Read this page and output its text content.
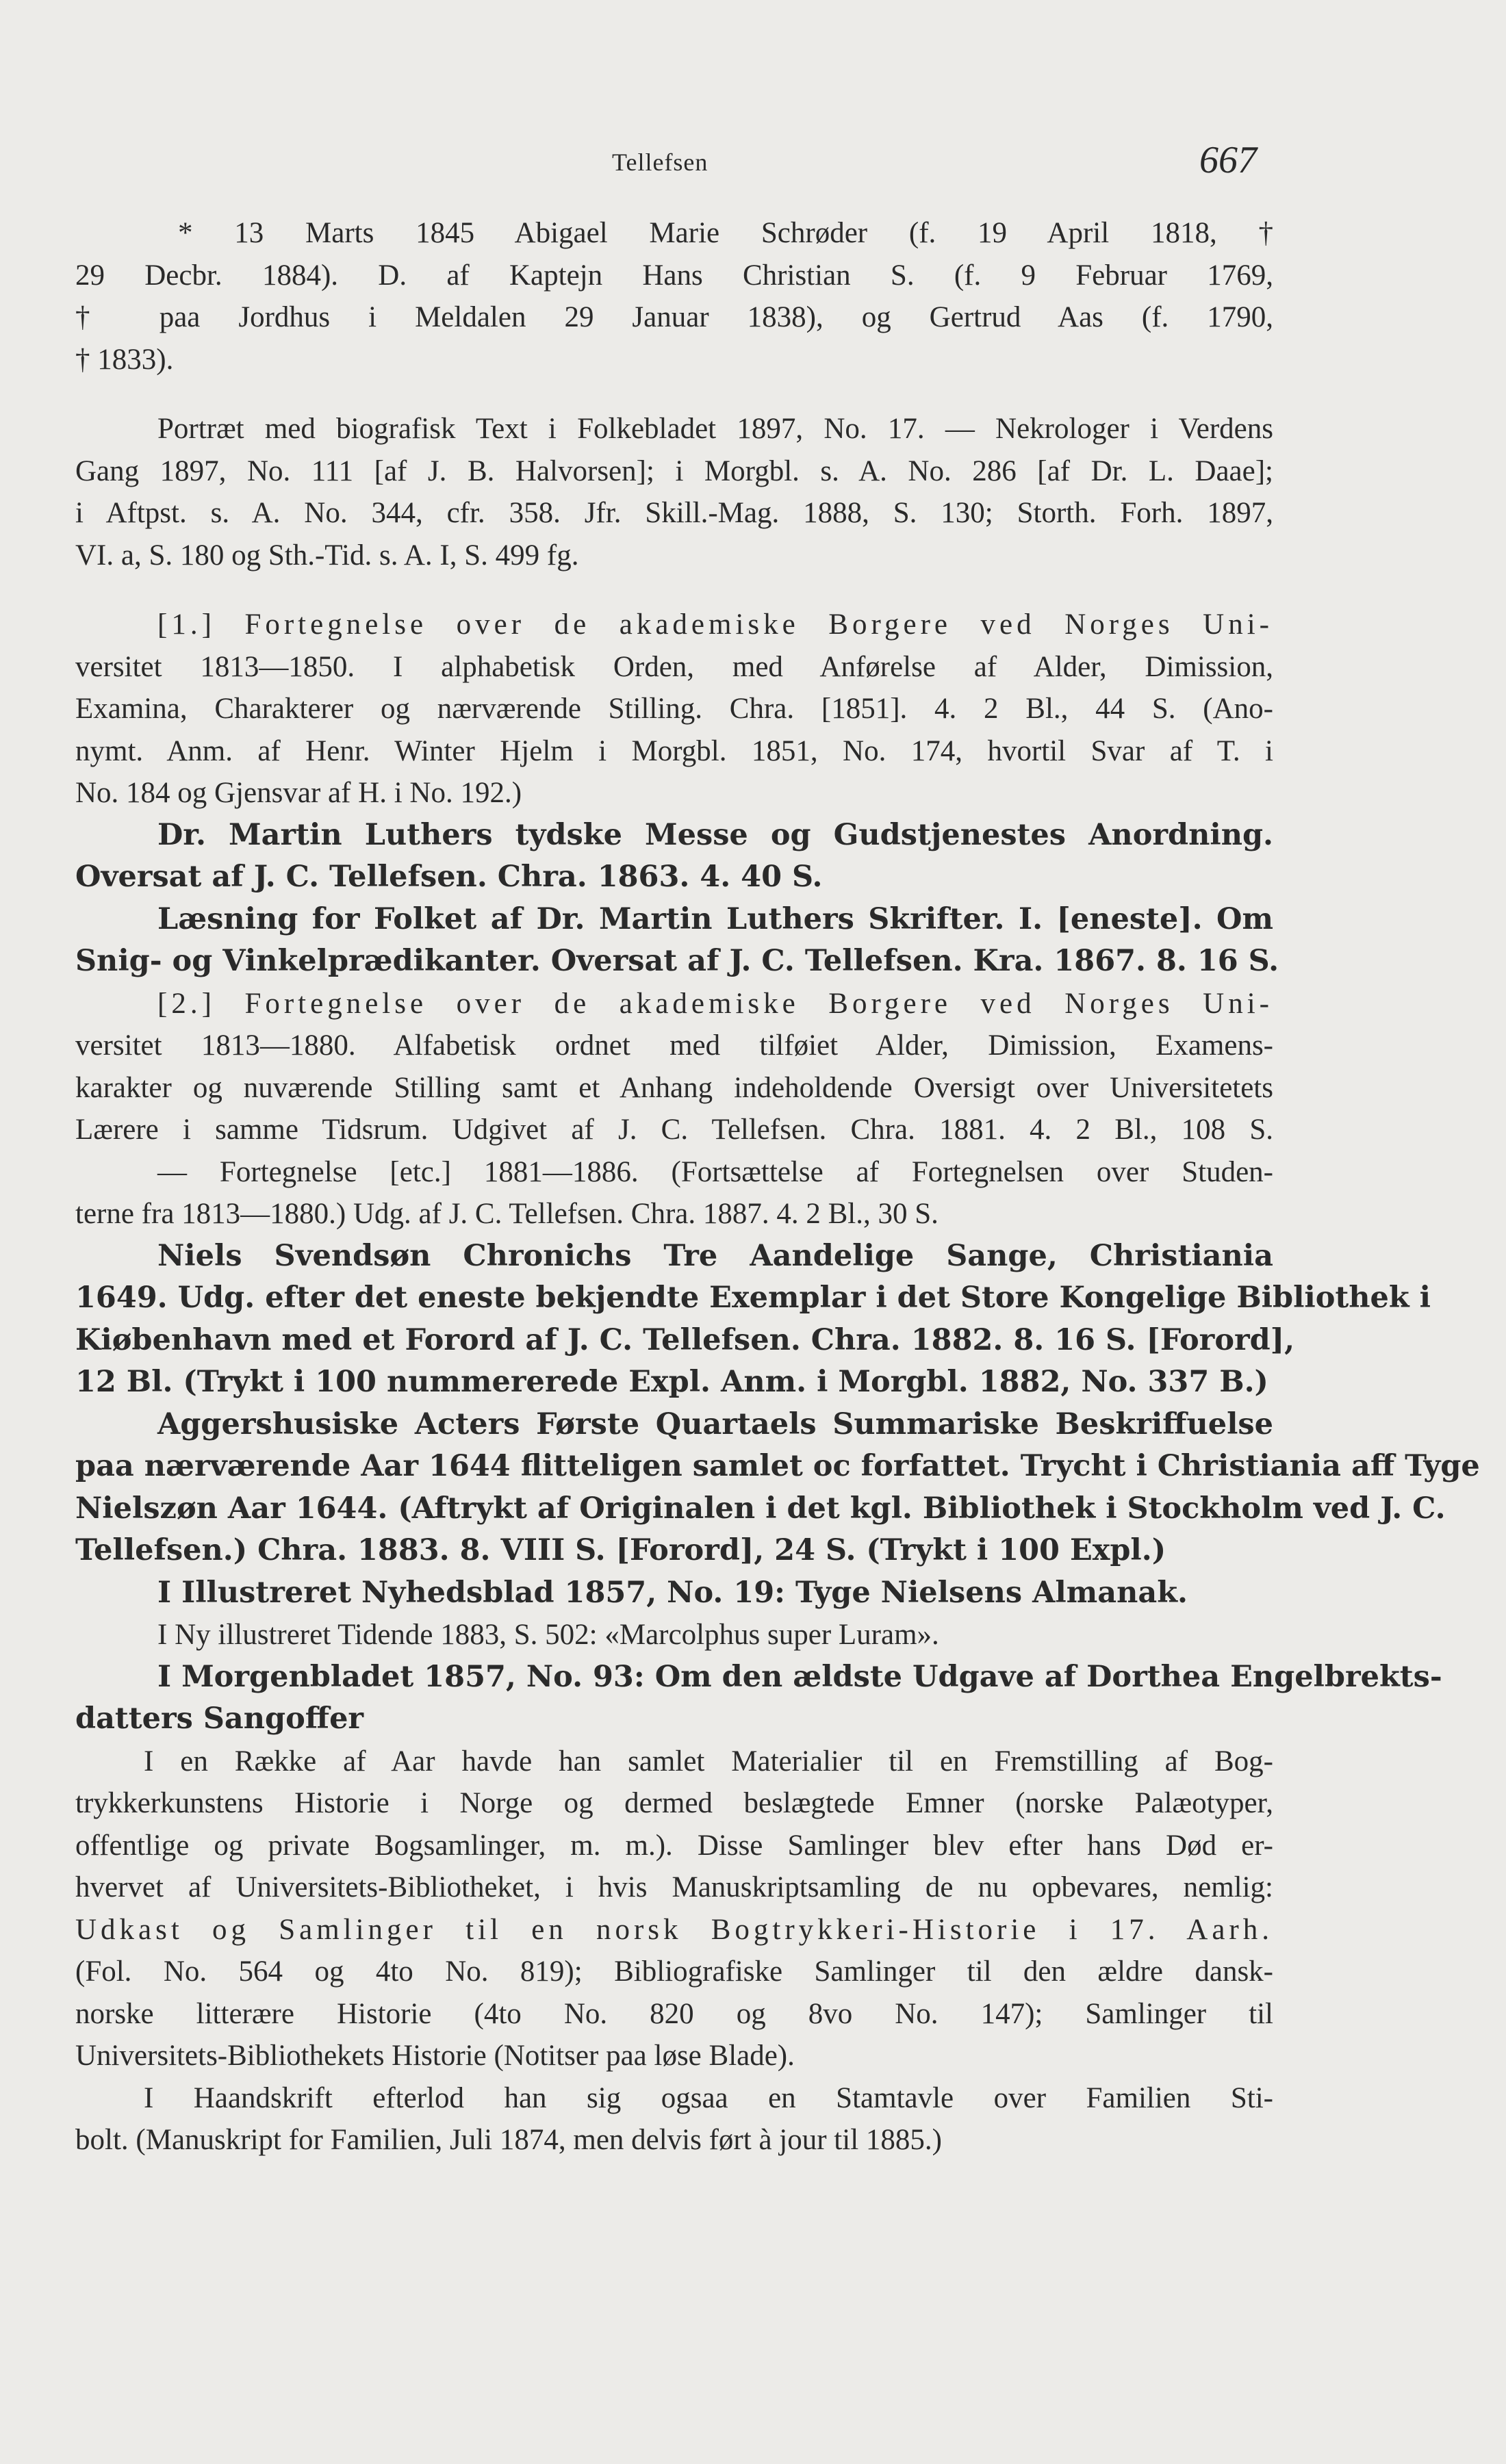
Tellefsen	667
* 13 Marts 1845 Abigael Marie Schrøder (f. 19 April 1818, †
29 Decbr. 1884). D. af Kaptejn Hans Christian S. (f. 9 Februar 1769,
† paa Jordhus i Meldalen 29 Januar 1838), og Gertrud Aas (f. 1790,
† 1833).
Portræt med biografisk Text i Folkebladet 1897, No. 17. — Nekrologer i Verdens
Gang 1897, No. 111 [af J. B. Halvorsen]; i Morgbl. s. A. No. 286 [af Dr. L. Daae];
i Aftpst. s. A. No. 344, cfr. 358. Jfr. Skill.-Mag. 1888, S. 130; Storth. Forh. 1897,
VI. a, S. 180 og Sth.-Tid. s. A. I, S. 499 fg.
[1.] Fortegnelse over de akademiske Borgere ved Norges Uni-
versitet 1813—1850. I alphabetisk Orden, med Anførelse af Alder, Dimission,
Examina, Charakterer og nærværende Stilling. Chra. [1851]. 4. 2 Bl., 44 S. (Ano-
nymt. Anm. af Henr. Winter Hjelm i Morgbl. 1851, No. 174, hvortil Svar af T. i
No. 184 og Gjensvar af H. i No. 192.)
Dr. Martin Luthers tydske Messe og Gudstjenestes Anordning.
Oversat af J. C. Tellefsen. Chra. 1863. 4. 40 S.
Læsning for Folket af Dr. Martin Luthers Skrifter. I. [eneste]. Om
Snig- og Vinkelprædikanter. Oversat af J. C. Tellefsen. Kra. 1867. 8. 16 S.
[2.] Fortegnelse over de akademiske Borgere ved Norges Uni-
versitet 1813—1880. Alfabetisk ordnet med tilføiet Alder, Dimission, Examens-
karakter og nuværende Stilling samt et Anhang indeholdende Oversigt over Universitetets
Lærere i samme Tidsrum. Udgivet af J. C. Tellefsen. Chra. 1881. 4. 2 Bl., 108 S.
— Fortegnelse [etc.] 1881—1886. (Fortsættelse af Fortegnelsen over Studen-
terne fra 1813—1880.) Udg. af J. C. Tellefsen. Chra. 1887. 4. 2 Bl., 30 S.
Niels Svendsøn Chronichs Tre Aandelige Sange, Christiania
1649. Udg. efter det eneste bekjendte Exemplar i det Store Kongelige Bibliothek i
Kiøbenhavn med et Forord af J. C. Tellefsen. Chra. 1882. 8. 16 S. [Forord],
12 Bl. (Trykt i 100 nummererede Expl. Anm. i Morgbl. 1882, No. 337 B.)
Aggershusiske Acters Første Quartaels Summariske Beskriffuelse
paa nærværende Aar 1644 flitteligen samlet oc forfattet. Trycht i Christiania aff Tyge
Nielszøn Aar 1644. (Aftrykt af Originalen i det kgl. Bibliothek i Stockholm ved J. C.
Tellefsen.) Chra. 1883. 8. VIII S. [Forord], 24 S. (Trykt i 100 Expl.)
I Illustreret Nyhedsblad 1857, No. 19: Tyge Nielsens Almanak.
I Ny illustreret Tidende 1883, S. 502: «Marcolphus super Luram».
I Morgenbladet 1857, No. 93: Om den ældste Udgave af Dorthea Engelbrekts-
datters Sangoffer
I en Række af Aar havde han samlet Materialier til en Fremstilling af Bog-
trykkerkunstens Historie i Norge og dermed beslægtede Emner (norske Palæotyper,
offentlige og private Bogsamlinger, m. m.). Disse Samlinger blev efter hans Død er-
hvervet af Universitets-Bibliotheket, i hvis Manuskriptsamling de nu opbevares, nemlig:
Udkast og Samlinger til en norsk Bogtrykkeri-Historie i 17. Aarh.
(Fol. No. 564 og 4to No. 819); Bibliografiske Samlinger til den ældre dansk-
norske litterære Historie (4to No. 820 og 8vo No. 147); Samlinger til
Universitets-Bibliothekets Historie (Notitser paa løse Blade).
I Haandskrift efterlod han sig ogsaa en Stamtavle over Familien Sti-
bolt. (Manuskript for Familien, Juli 1874, men delvis ført à jour til 1885.)
